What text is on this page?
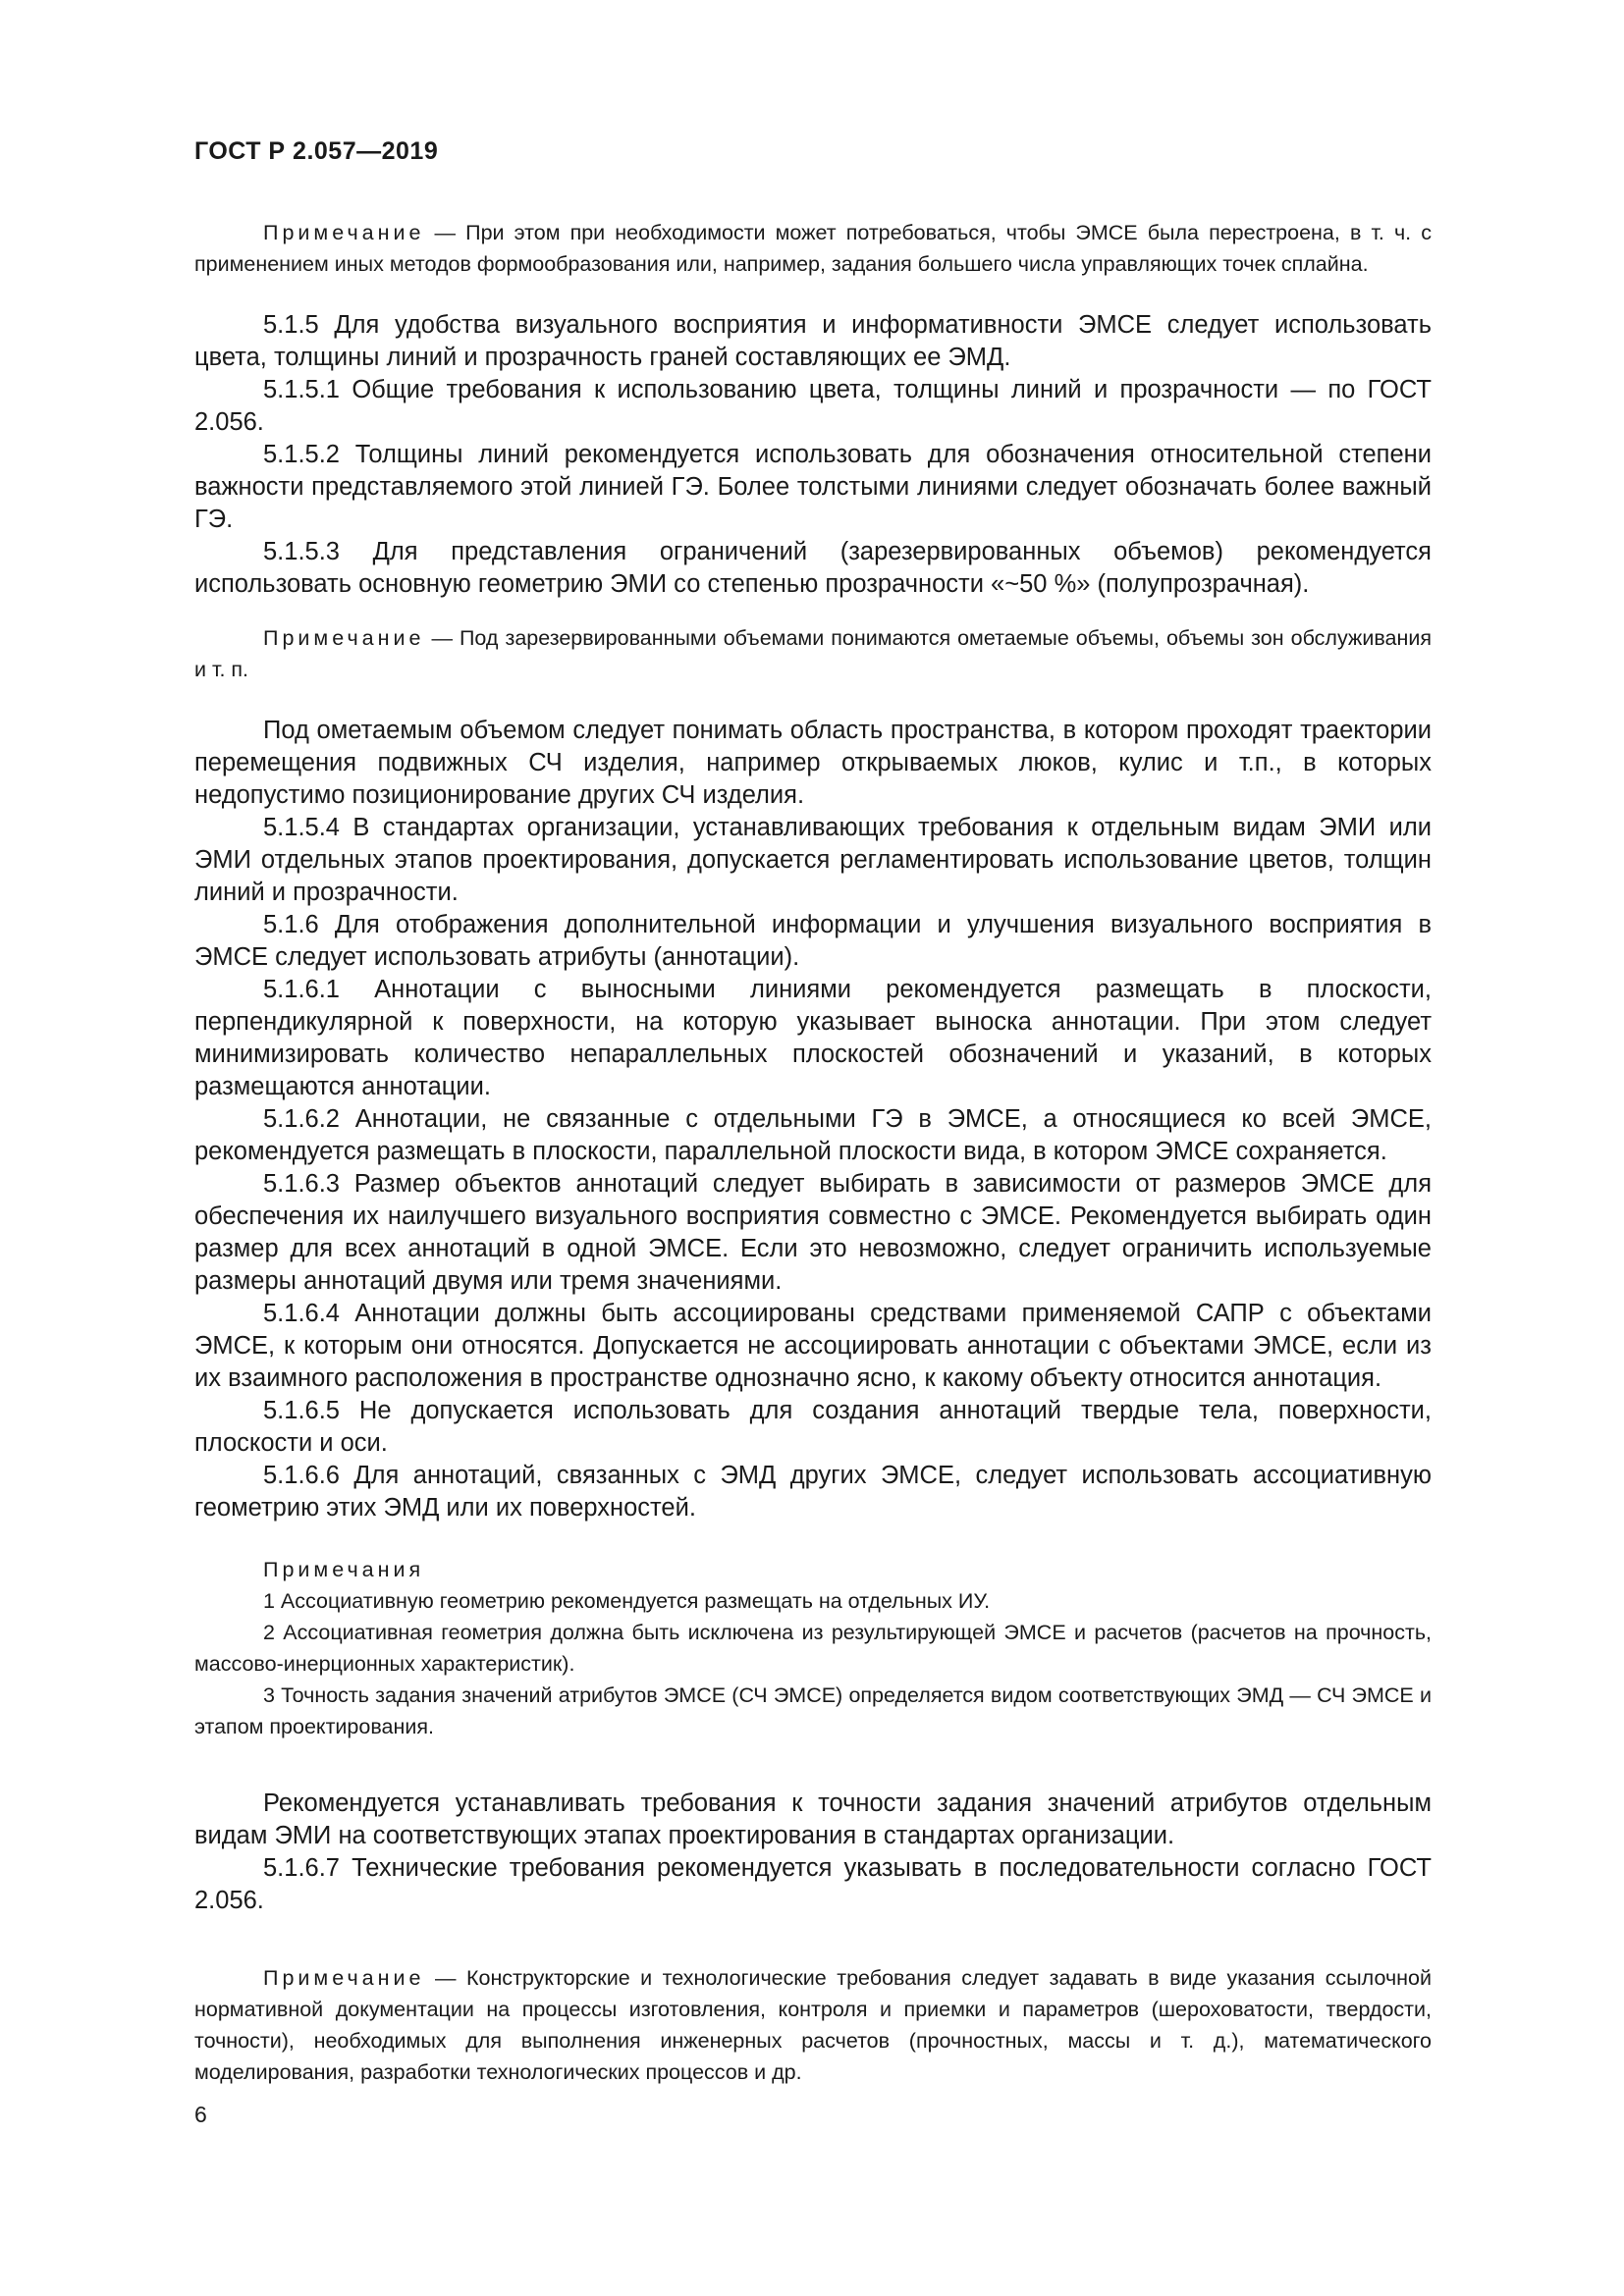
ГОСТ Р 2.057—2019

Примечание — При этом при необходимости может потребоваться, чтобы ЭМСЕ была перестроена, в т. ч. с применением иных методов формообразования или, например, задания большего числа управляющих точек сплайна.

5.1.5 Для удобства визуального восприятия и информативности ЭМСЕ следует использовать цвета, толщины линий и прозрачность граней составляющих ее ЭМД.

5.1.5.1 Общие требования к использованию цвета, толщины линий и прозрачности — по ГОСТ 2.056.

5.1.5.2 Толщины линий рекомендуется использовать для обозначения относительной степени важности представляемого этой линией ГЭ. Более толстыми линиями следует обозначать более важный ГЭ.

5.1.5.3 Для представления ограничений (зарезервированных объемов) рекомендуется использовать основную геометрию ЭМИ со степенью прозрачности «~50 %» (полупрозрачная).

Примечание — Под зарезервированными объемами понимаются ометаемые объемы, объемы зон обслуживания и т. п.

Под ометаемым объемом следует понимать область пространства, в котором проходят траектории перемещения подвижных СЧ изделия, например открываемых люков, кулис и т.п., в которых недопустимо позиционирование других СЧ изделия.

5.1.5.4 В стандартах организации, устанавливающих требования к отдельным видам ЭМИ или ЭМИ отдельных этапов проектирования, допускается регламентировать использование цветов, толщин линий и прозрачности.

5.1.6 Для отображения дополнительной информации и улучшения визуального восприятия в ЭМСЕ следует использовать атрибуты (аннотации).

5.1.6.1 Аннотации с выносными линиями рекомендуется размещать в плоскости, перпендикулярной к поверхности, на которую указывает выноска аннотации. При этом следует минимизировать количество непараллельных плоскостей обозначений и указаний, в которых размещаются аннотации.

5.1.6.2 Аннотации, не связанные с отдельными ГЭ в ЭМСЕ, а относящиеся ко всей ЭМСЕ, рекомендуется размещать в плоскости, параллельной плоскости вида, в котором ЭМСЕ сохраняется.

5.1.6.3 Размер объектов аннотаций следует выбирать в зависимости от размеров ЭМСЕ для обеспечения их наилучшего визуального восприятия совместно с ЭМСЕ. Рекомендуется выбирать один размер для всех аннотаций в одной ЭМСЕ. Если это невозможно, следует ограничить используемые размеры аннотаций двумя или тремя значениями.

5.1.6.4 Аннотации должны быть ассоциированы средствами применяемой САПР с объектами ЭМСЕ, к которым они относятся. Допускается не ассоциировать аннотации с объектами ЭМСЕ, если из их взаимного расположения в пространстве однозначно ясно, к какому объекту относится аннотация.

5.1.6.5 Не допускается использовать для создания аннотаций твердые тела, поверхности, плоскости и оси.

5.1.6.6 Для аннотаций, связанных с ЭМД других ЭМСЕ, следует использовать ассоциативную геометрию этих ЭМД или их поверхностей.

Примечания

1 Ассоциативную геометрию рекомендуется размещать на отдельных ИУ.

2 Ассоциативная геометрия должна быть исключена из результирующей ЭМСЕ и расчетов (расчетов на прочность, массово-инерционных характеристик).

3 Точность задания значений атрибутов ЭМСЕ (СЧ ЭМСЕ) определяется видом соответствующих ЭМД — СЧ ЭМСЕ и этапом проектирования.

Рекомендуется устанавливать требования к точности задания значений атрибутов отдельным видам ЭМИ на соответствующих этапах проектирования в стандартах организации.

5.1.6.7 Технические требования рекомендуется указывать в последовательности согласно ГОСТ 2.056.

Примечание — Конструкторские и технологические требования следует задавать в виде указания ссылочной нормативной документации на процессы изготовления, контроля и приемки и параметров (шероховатости, твердости, точности), необходимых для выполнения инженерных расчетов (прочностных, массы и т. д.), математического моделирования, разработки технологических процессов и др.

6
